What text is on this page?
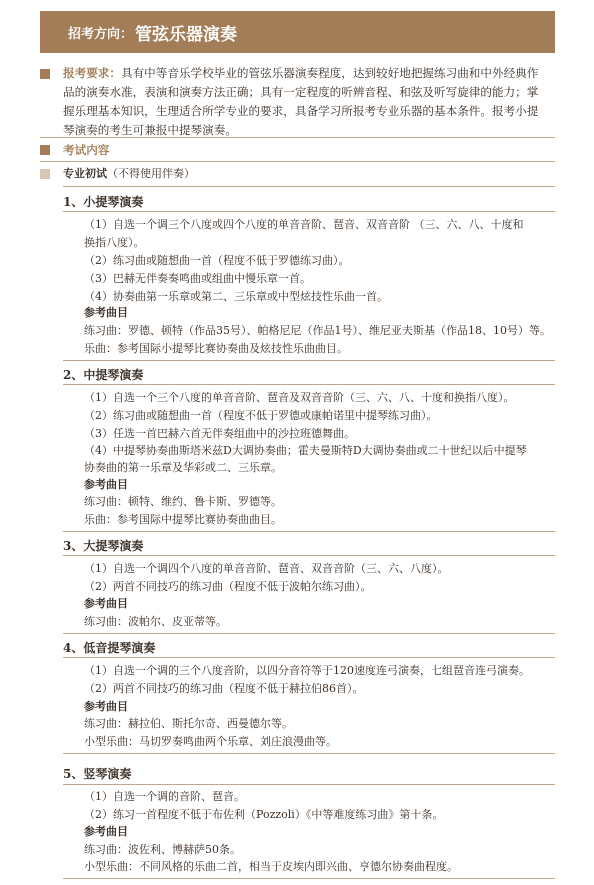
招考方向： 管弦乐器演奏
报考要求：具有中等音乐学校毕业的管弦乐器演奏程度，达到较好地把握练习曲和中外经典作品的演奏水准，表演和演奏方法正确；具有一定程度的听辨音程、和弦及听写旋律的能力；掌握乐理基本知识，生理适合所学专业的要求，具备学习所报考专业乐器的基本条件。报考小提琴演奏的考生可兼报中提琴演奏。
考试内容
专业初试（不得使用伴奏）
1、小提琴演奏
（1）自选一个调三个八度或四个八度的单音音阶、琶音、双音音阶 （三、六、八、十度和
换指八度）。
（2）练习曲或随想曲一首（程度不低于罗德练习曲）。
（3）巴赫无伴奏奏鸣曲或组曲中慢乐章一首。
（4）协奏曲第一乐章或第二、三乐章或中型炫技性乐曲一首。
参考曲目
练习曲：罗德、顿特（作品35号）、帕格尼尼（作品1号）、维尼亚夫斯基（作品18、10号）等。
乐曲：参考国际小提琴比赛协奏曲及炫技性乐曲曲目。
2、中提琴演奏
（1）自选一个三个八度的单音音阶、琶音及双音音阶（三、六、八、十度和换指八度）。
（2）练习曲或随想曲一首（程度不低于罗德或康帕诺里中提琴练习曲）。
（3）任选一首巴赫六首无伴奏组曲中的沙拉班德舞曲。
（4）中提琴协奏曲斯塔米兹D大调协奏曲；霍夫曼斯特D大调协奏曲或二十世纪以后中提琴
协奏曲的第一乐章及华彩或二、三乐章。
参考曲目
练习曲：顿特、维约、鲁卡斯、罗德等。
乐曲：参考国际中提琴比赛协奏曲曲目。
3、大提琴演奏
（1）自选一个调四个八度的单音音阶、琶音、双音音阶（三、六、八度）。
（2）两首不同技巧的练习曲（程度不低于波帕尔练习曲）。
参考曲目
练习曲：波帕尔、皮亚蒂等。
4、低音提琴演奏
（1）自选一个调的三个八度音阶，以四分音符等于120速度连弓演奏，七组琶音连弓演奏。
（2）两首不同技巧的练习曲（程度不低于赫拉伯86首）。
参考曲目
练习曲：赫拉伯、斯托尔奇、西曼德尔等。
小型乐曲：马切罗奏鸣曲两个乐章、刘庄浪漫曲等。
5、竖琴演奏
（1）自选一个调的音阶、琶音。
（2）练习一首程度不低于布佐利（Pozzoli）《中等难度练习曲》第十条。
参考曲目
练习曲：波佐利、博赫萨50条。
小型乐曲：不同风格的乐曲二首，相当于皮埃内即兴曲、亨德尔协奏曲程度。
